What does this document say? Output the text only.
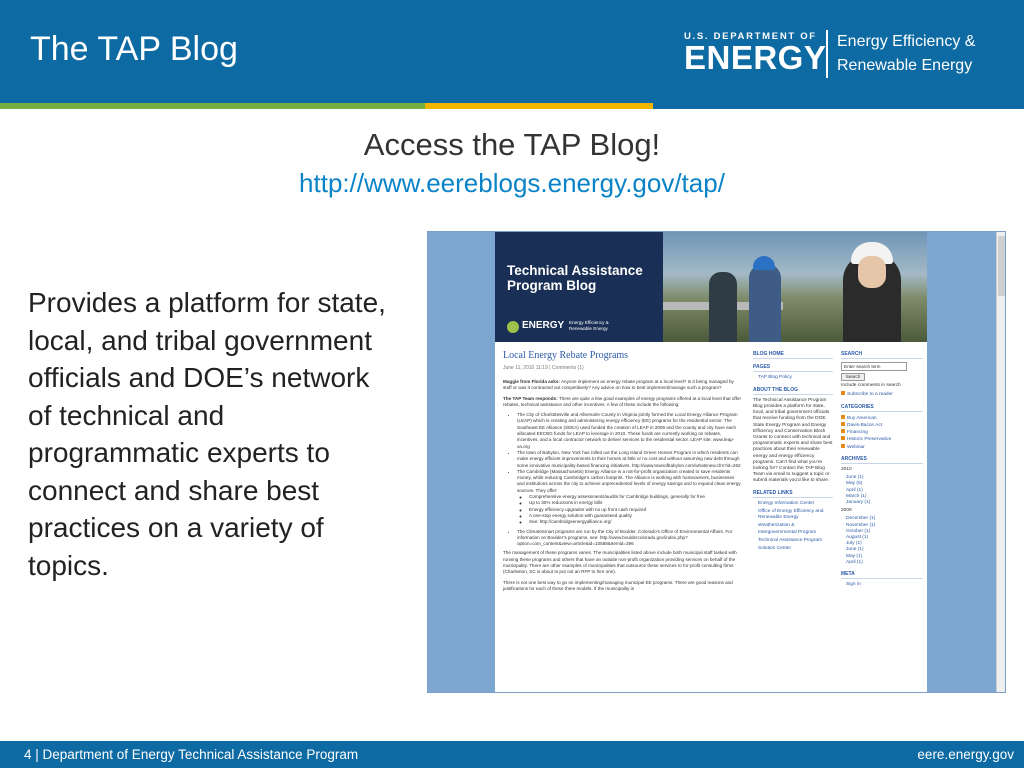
The TAP Blog	U.S. DEPARTMENT OF
ENERGY Energy Efficiency &
Renewable Energy
Access the TAP Blog!
http://www.eereblogs.energy.gov/tap/
Provides a platform for state, local, and tribal government officials and DOE’s network of technical and programmatic experts to connect and share best practices on a variety of topics.
Technical Assistance Program Blog
ENERGY Energy Efficiency & Renewable Energy
Local Energy Rebate Programs
June 11, 2010 11:19 | Comments (1)

Maggie from Florida asks: Anyone implement an energy rebate program at a local level? Is it being managed by staff or was it contracted out competitively? Any advice on how to best implement/manage such a program?

The TAP Team responds: There are quite a few good examples of energy programs offered at a local level that offer rebates, technical assistance and other incentives. A few of these include the following:

• The City of Charlottesville and Albemarle County in Virginia jointly formed the Local Energy Alliance Program (LEAP) which is creating and administering energy efficiency (EE) programs for the residential sector. The Southeast EE Alliance (SEEA) used funded the creation of LEAP in 2009 and the county and city have each allocated EECBG funds for LEAP to leverage in 2010. These funds are currently working on rebates, incentives, and a local contractor network to deliver services to the residential sector. LEAP site: www.leap-va.org
• The town of Babylon, New York has rolled out the Long Island Green Homes Program in which residents can make energy efficient improvements to their homes at little or no cost and without assuming new debt through some innovative municipality-based financing initiatives. http://www.townofbabylon.com/whatsnew.cfm?id=262
• The Cambridge (Massachusetts) Energy Alliance is a not-for-profit organization created to save residents money, while reducing Cambridge’s carbon footprint. The Alliance is working with homeowners, businesses and institutions across the city to achieve unprecedented levels of energy savings and to expand clean energy sources. They offer:
◦ Comprehensive energy assessments/audits for Cambridge buildings, generally for free
◦ Up to 30% reductions in energy bills
◦ Energy efficiency upgrades with no up front cash required
◦ A one-stop energy solution with guaranteed quality
◦ See: http://cambridgeenergyalliance.org/
• The ClimateSmart programs are run by the City of Boulder, Colorado’s Office of Environmental Affairs. For information on Boulder’s programs, see: http://www.bouldercolorado.gov/index.php?option=com_content&view=article&id=10588&Itemid=396

The management of these programs varies. The municipalities listed above include both municipal staff tasked with running these programs and others that have an outside non-profit organization providing services on behalf of the municipality. There are other examples of municipalities that outsource these services to for-profit consulting firms (Charleston, SC is about to put out an RFP to hire one).

There is not one best way to go on implementing/managing municipal EE programs. There are good reasons and justifications for each of these three models. If the municipality is

BLOG HOME
PAGES
TAP Blog Policy
ABOUT THE BLOG
The Technical Assistance Program Blog provides a platform for state, local, and tribal government officials that receive funding from the DOE State Energy Program and Energy Efficiency and Conservation Block Grants to connect with technical and programmatic experts and share best practices about their renewable energy and energy efficiency programs. Can’t find what you’re looking for? Contact the TAP Blog Team via email to suggest a topic or submit materials you’d like to share.
RELATED LINKS
Energy Information Center
Office of Energy Efficiency and Renewable Energy
Weatherization & Intergovernmental Program
Technical Assistance Program
Solution Center
SEARCH
Enter search term
Search
Include comments in search
Subscribe to a reader
CATEGORIES
Buy American
Davis-Bacon Act
Financing
Historic Preservation
Webinar
ARCHIVES
2010
June (1)
May (5)
April (1)
March (1)
January (1)
2009
December (1)
November (1)
October (1)
August (1)
July (1)
June (1)
May (1)
April (1)
META
Sign in
4 | Department of Energy Technical Assistance Program	eere.energy.gov
